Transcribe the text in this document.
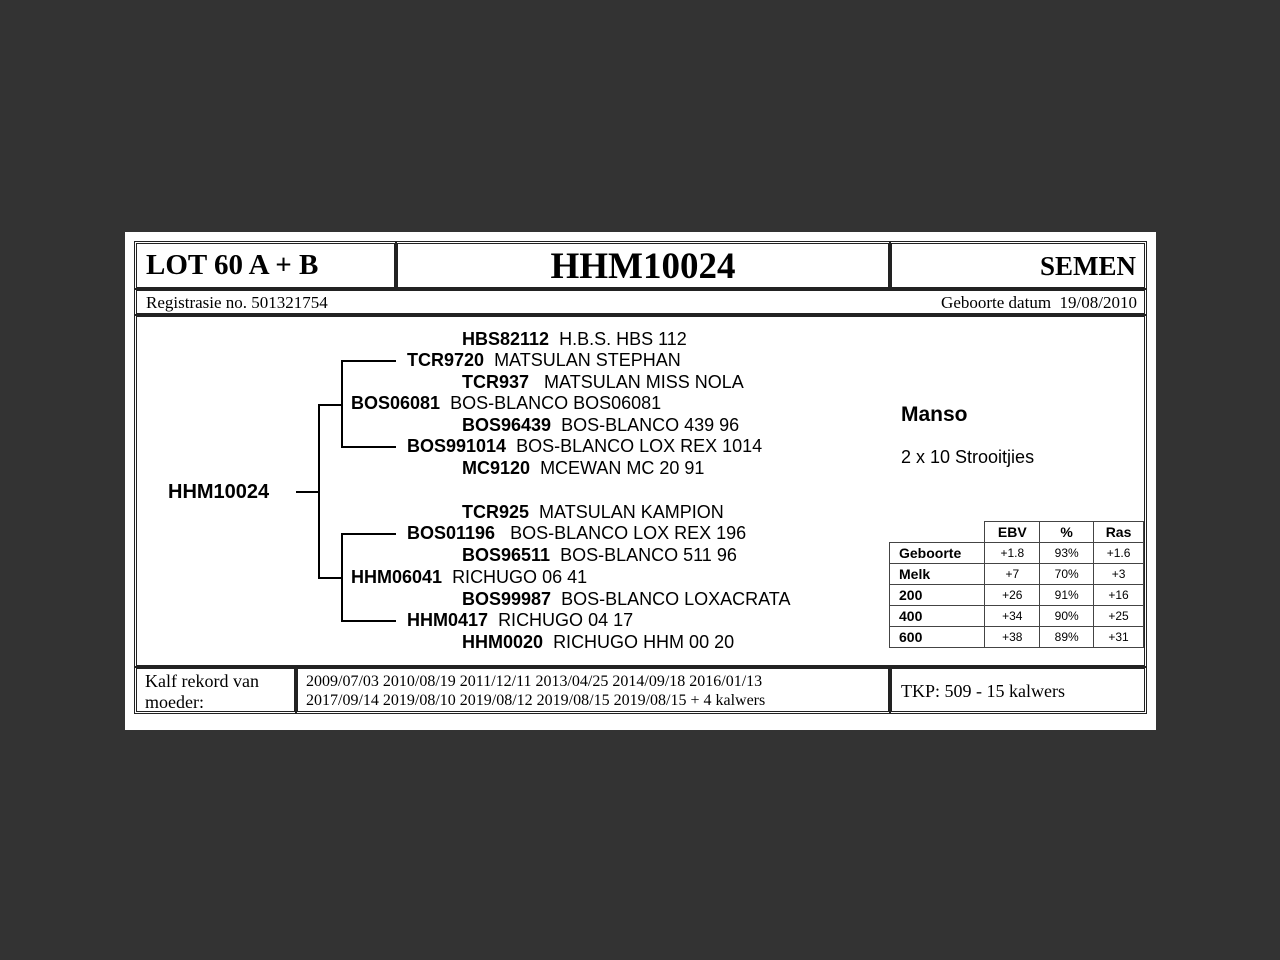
LOT 60 A + B	HHM10024	SEMEN
Registrasie no. 501321754	Geboorte datum 19/08/2010
HHM10024
HBS82112 H.B.S. HBS 112
TCR9720 MATSULAN STEPHAN
TCR937 MATSULAN MISS NOLA
BOS06081 BOS-BLANCO BOS06081
BOS96439 BOS-BLANCO 439 96
BOS991014 BOS-BLANCO LOX REX 1014
MC9120 MCEWAN MC 20 91
TCR925 MATSULAN KAMPION
BOS01196 BOS-BLANCO LOX REX 196
BOS96511 BOS-BLANCO 511 96
HHM06041 RICHUGO 06 41
BOS99987 BOS-BLANCO LOXACRATA
HHM0417 RICHUGO 04 17
HHM0020 RICHUGO HHM 00 20
Manso
2 x 10 Strooitjies
	EBV	%	Ras
Geboorte	+1.8	93%	+1.6
Melk	+7	70%	+3
200	+26	91%	+16
400	+34	90%	+25
600	+38	89%	+31
Kalf rekord van
moeder:
2009/07/03 2010/08/19 2011/12/11 2013/04/25 2014/09/18 2016/01/13
2017/09/14 2019/08/10 2019/08/12 2019/08/15 2019/08/15 + 4 kalwers	TKP: 509 - 15 kalwers
